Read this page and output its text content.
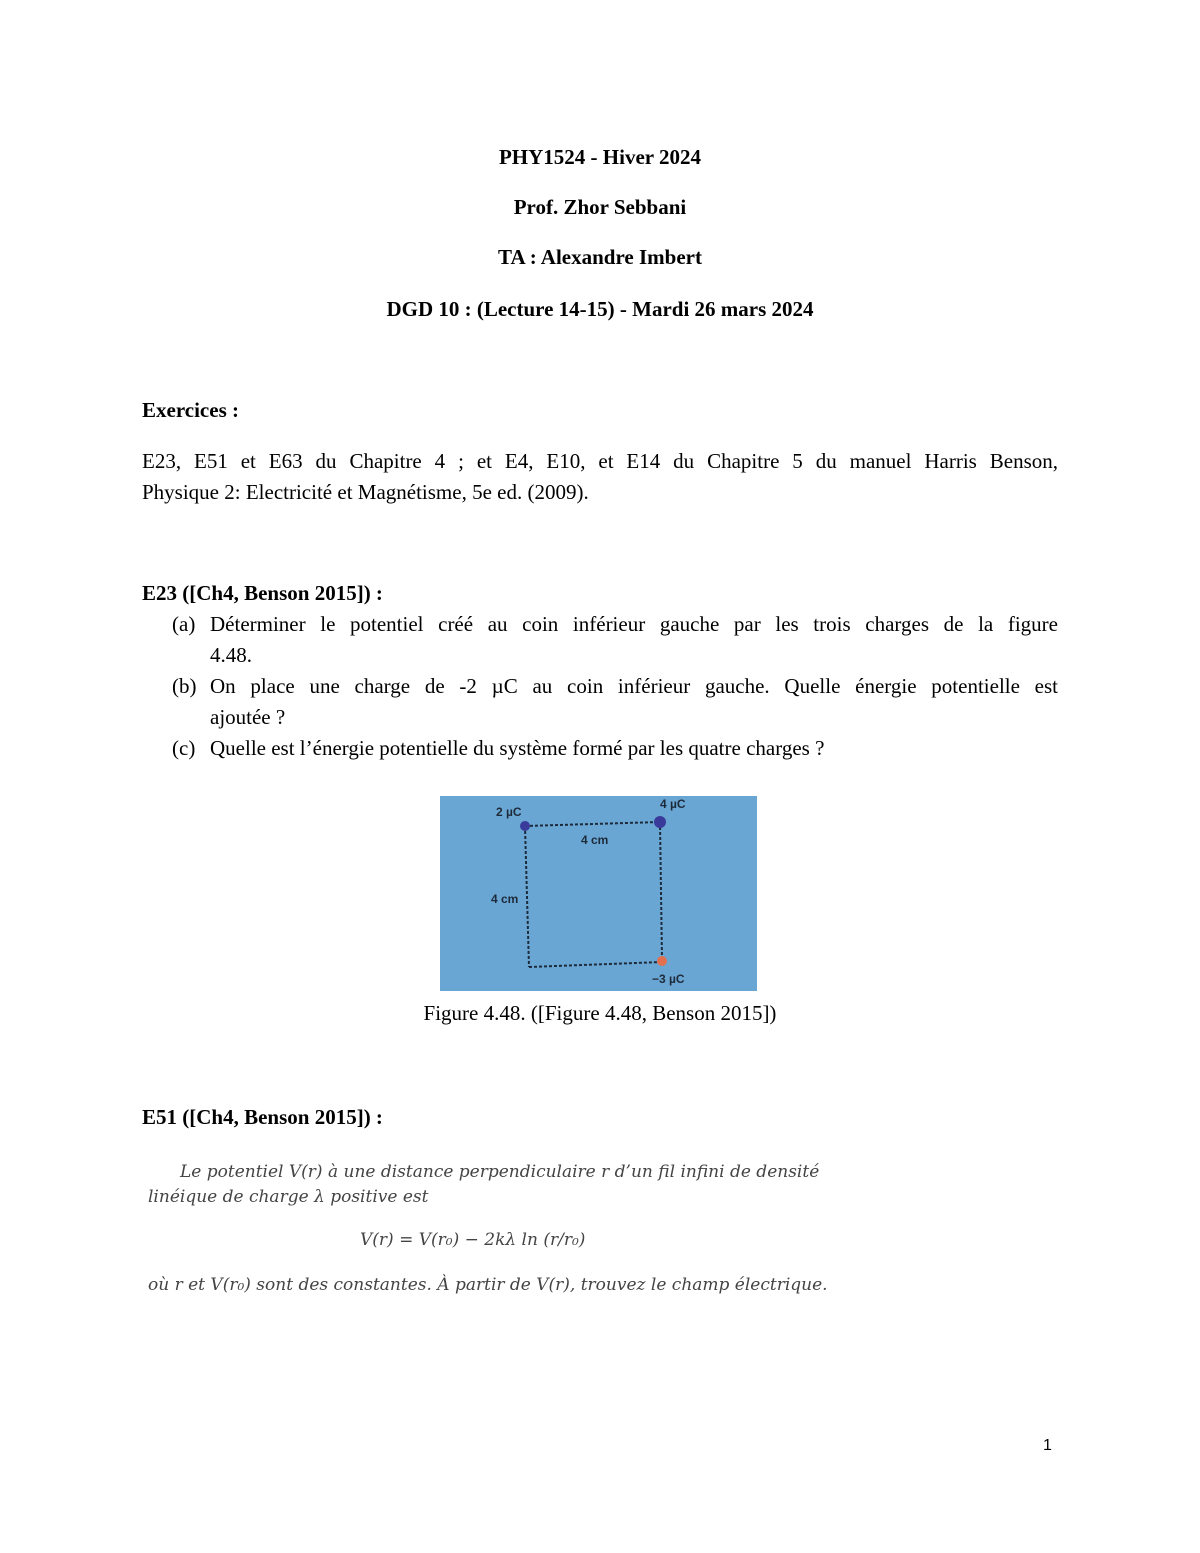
PHY1524 - Hiver 2024
Prof. Zhor Sebbani
TA : Alexandre Imbert
DGD 10 : (Lecture 14-15) - Mardi 26 mars 2024
Exercices :
E23, E51 et E63 du Chapitre 4 ; et E4, E10, et E14 du Chapitre 5 du manuel Harris Benson,
Physique 2: Electricité et Magnétisme, 5e ed. (2009).
E23 ([Ch4, Benson 2015]) :
(a) Déterminer le potentiel créé au coin inférieur gauche par les trois charges de la figure
4.48.
(b) On place une charge de -2 µC au coin inférieur gauche. Quelle énergie potentielle est
ajoutée ?
(c) Quelle est l’énergie potentielle du système formé par les quatre charges ?
2 µC
4 µC
4 cm
4 cm
−3 µC
Figure 4.48. ([Figure 4.48, Benson 2015])
E51 ([Ch4, Benson 2015]) :
Le potentiel V(r) à une distance perpendiculaire r d’un fil infini de densité
linéique de charge λ positive est
V(r) = V(r₀) − 2kλ ln (r/r₀)
où r et V(r₀) sont des constantes. À partir de V(r), trouvez le champ électrique.
1
